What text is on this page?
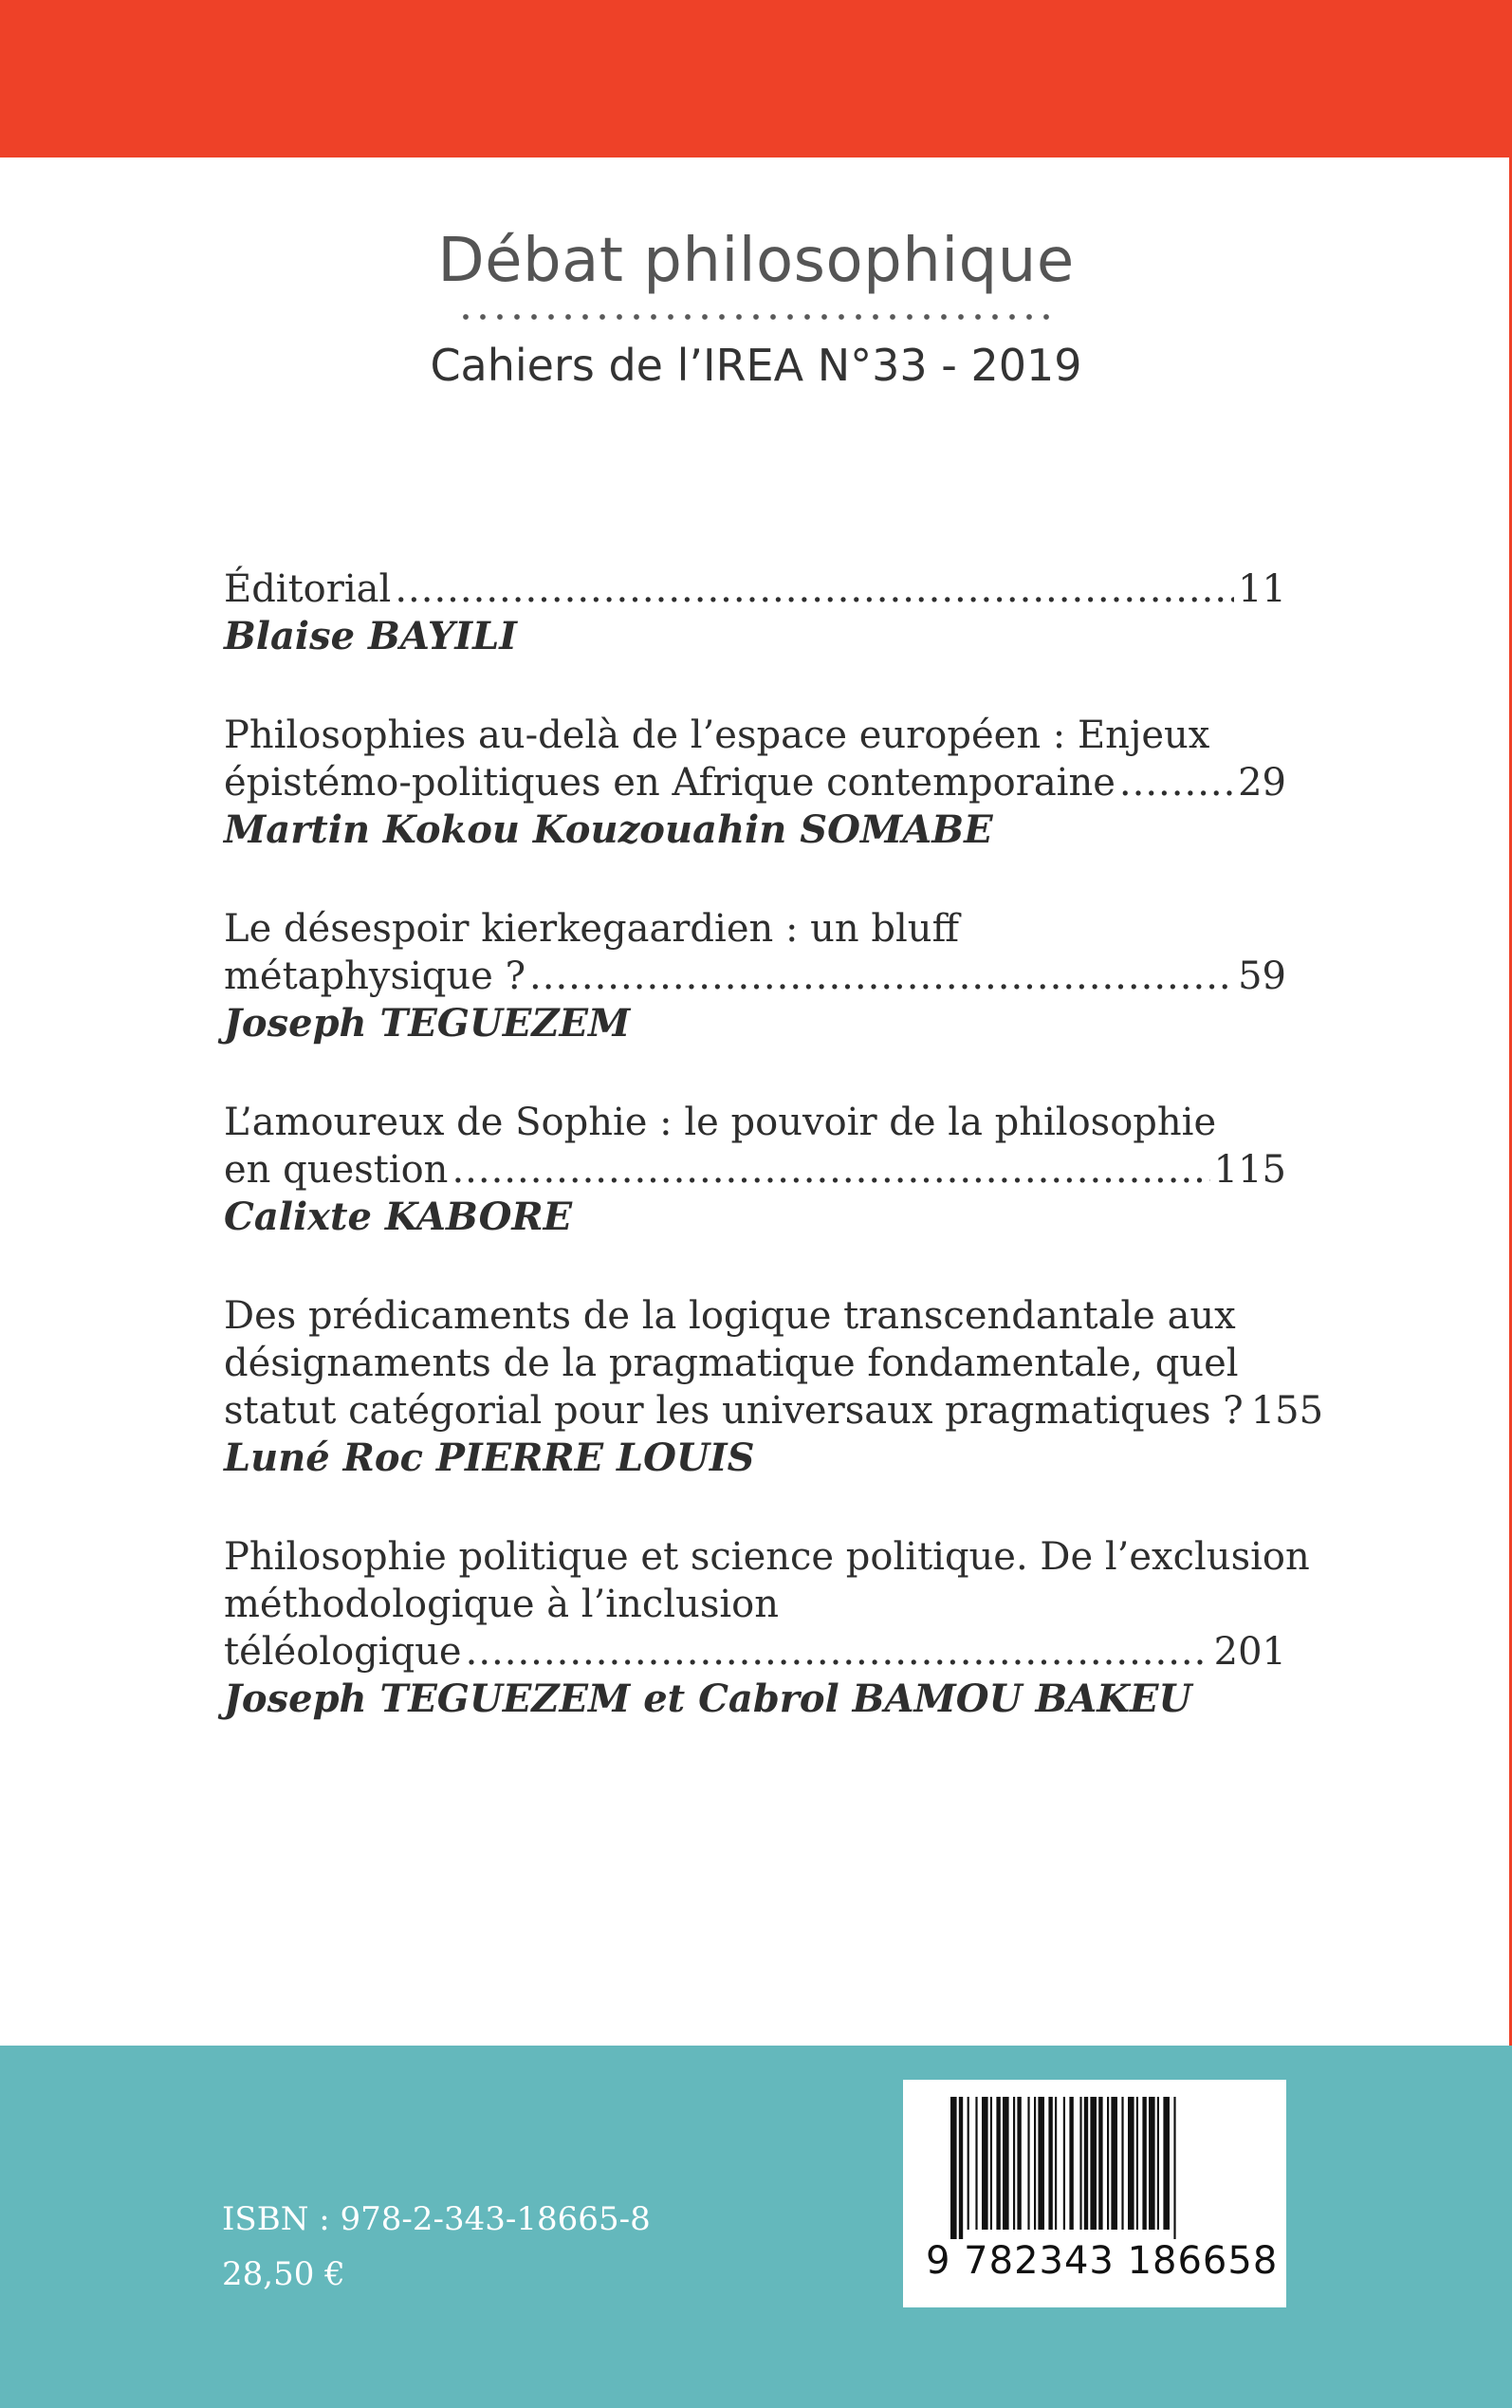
Débat philosophique
Cahiers de l’IREA N°33 - 2019
Éditorial .....	11
Blaise BAYILI
Philosophies au-delà de l’espace européen : Enjeux
épistémo-politiques en Afrique contemporaine .....	29
Martin Kokou Kouzouahin SOMABE
Le désespoir kierkegaardien : un bluff
métaphysique ? .....	59
Joseph TEGUEZEM
L’amoureux de Sophie : le pouvoir de la philosophie
en question .....	115
Calixte KABORE
Des prédicaments de la logique transcendantale aux
désignaments de la pragmatique fondamentale, quel
statut catégorial pour les universaux pragmatiques ? 155
Luné Roc PIERRE LOUIS
Philosophie politique et science politique. De l’exclusion
méthodologique à l’inclusion
téléologique .....	201
Joseph TEGUEZEM et Cabrol BAMOU BAKEU
ISBN : 978-2-343-18665-8
28,50 €	9 782343 186658
